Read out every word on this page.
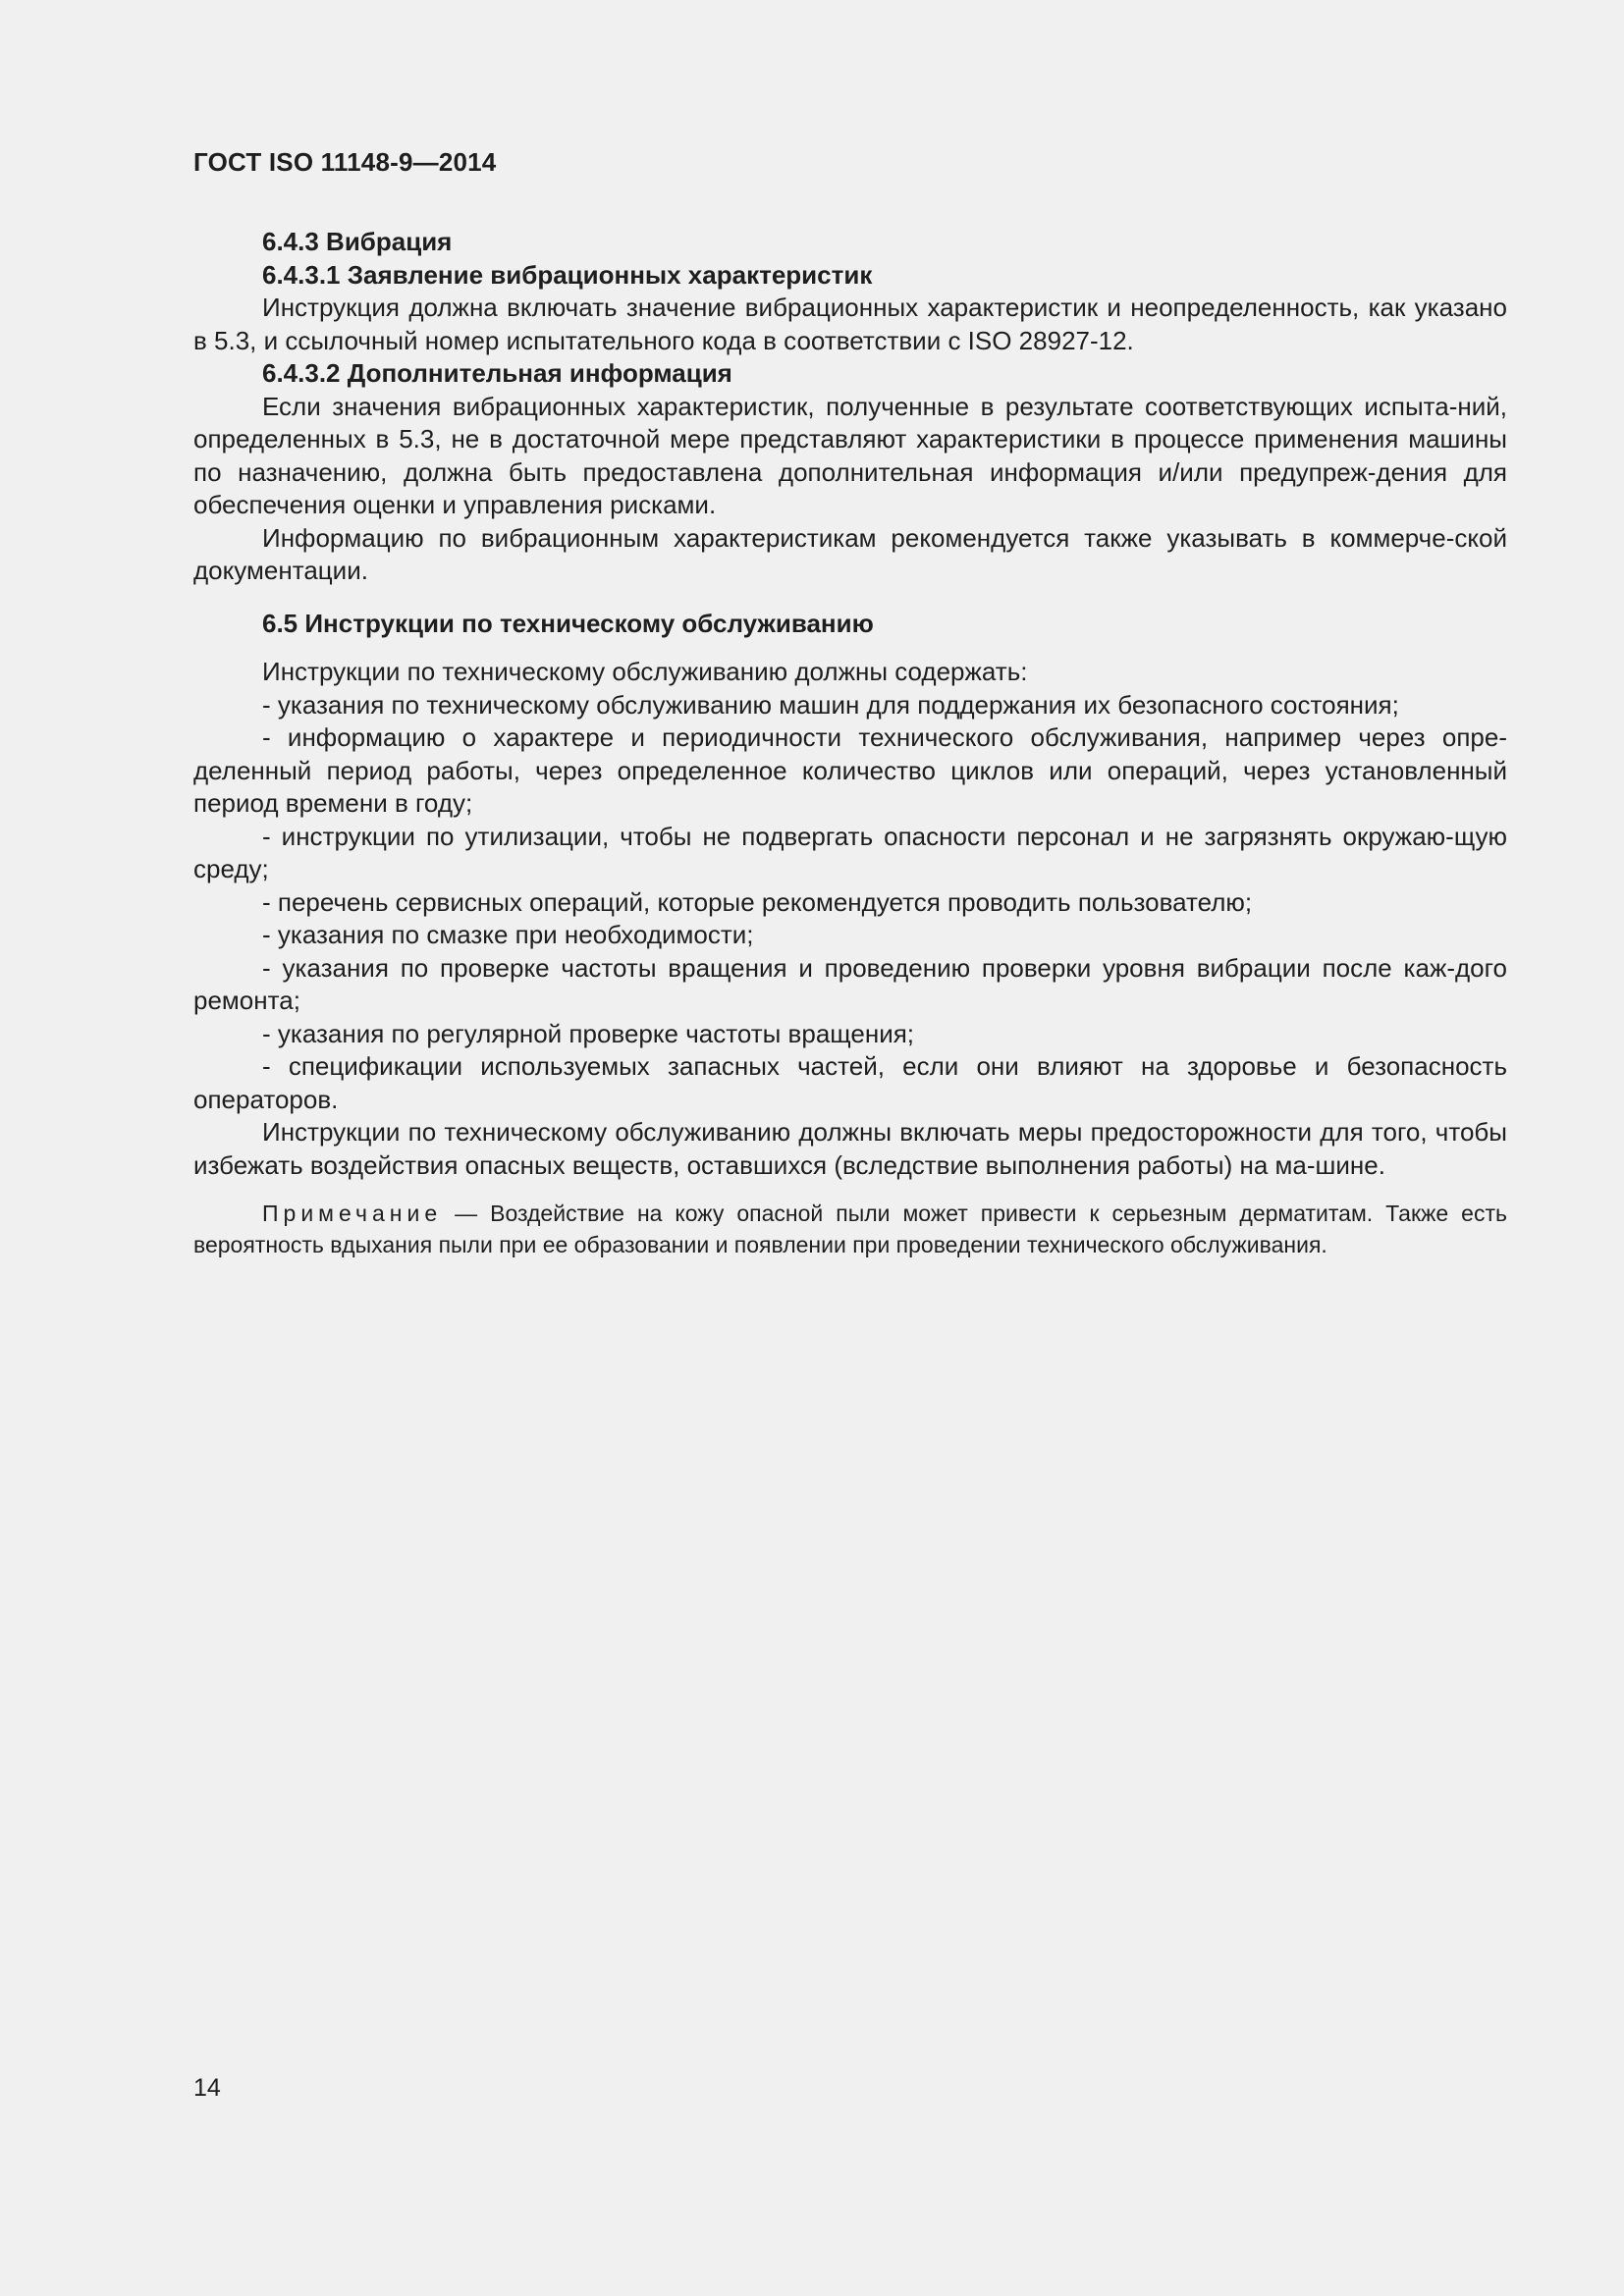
ГОСТ ISO 11148-9—2014

6.4.3 Вибрация

6.4.3.1 Заявление вибрационных характеристик

Инструкция должна включать значение вибрационных характеристик и неопределенность, как указано в 5.3, и ссылочный номер испытательного кода в соответствии с ISO 28927-12.

6.4.3.2 Дополнительная информация

Если значения вибрационных характеристик, полученные в результате соответствующих испыта-ний, определенных в 5.3, не в достаточной мере представляют характеристики в процессе применения машины по назначению, должна быть предоставлена дополнительная информация и/или предупреж-дения для обеспечения оценки и управления рисками.

Информацию по вибрационным характеристикам рекомендуется также указывать в коммерче-ской документации.

6.5 Инструкции по техническому обслуживанию

Инструкции по техническому обслуживанию должны содержать:

- указания по техническому обслуживанию машин для поддержания их безопасного состояния;

- информацию о характере и периодичности технического обслуживания, например через опре-деленный период работы, через определенное количество циклов или операций, через установленный период времени в году;

- инструкции по утилизации, чтобы не подвергать опасности персонал и не загрязнять окружаю-щую среду;

- перечень сервисных операций, которые рекомендуется проводить пользователю;

- указания по смазке при необходимости;

- указания по проверке частоты вращения и проведению проверки уровня вибрации после каж-дого ремонта;

- указания по регулярной проверке частоты вращения;

- спецификации используемых запасных частей, если они влияют на здоровье и безопасность операторов.

Инструкции по техническому обслуживанию должны включать меры предосторожности для того, чтобы избежать воздействия опасных веществ, оставшихся (вследствие выполнения работы) на ма-шине.

Примечание — Воздействие на кожу опасной пыли может привести к серьезным дерматитам. Также есть вероятность вдыхания пыли при ее образовании и появлении при проведении технического обслуживания.

14
